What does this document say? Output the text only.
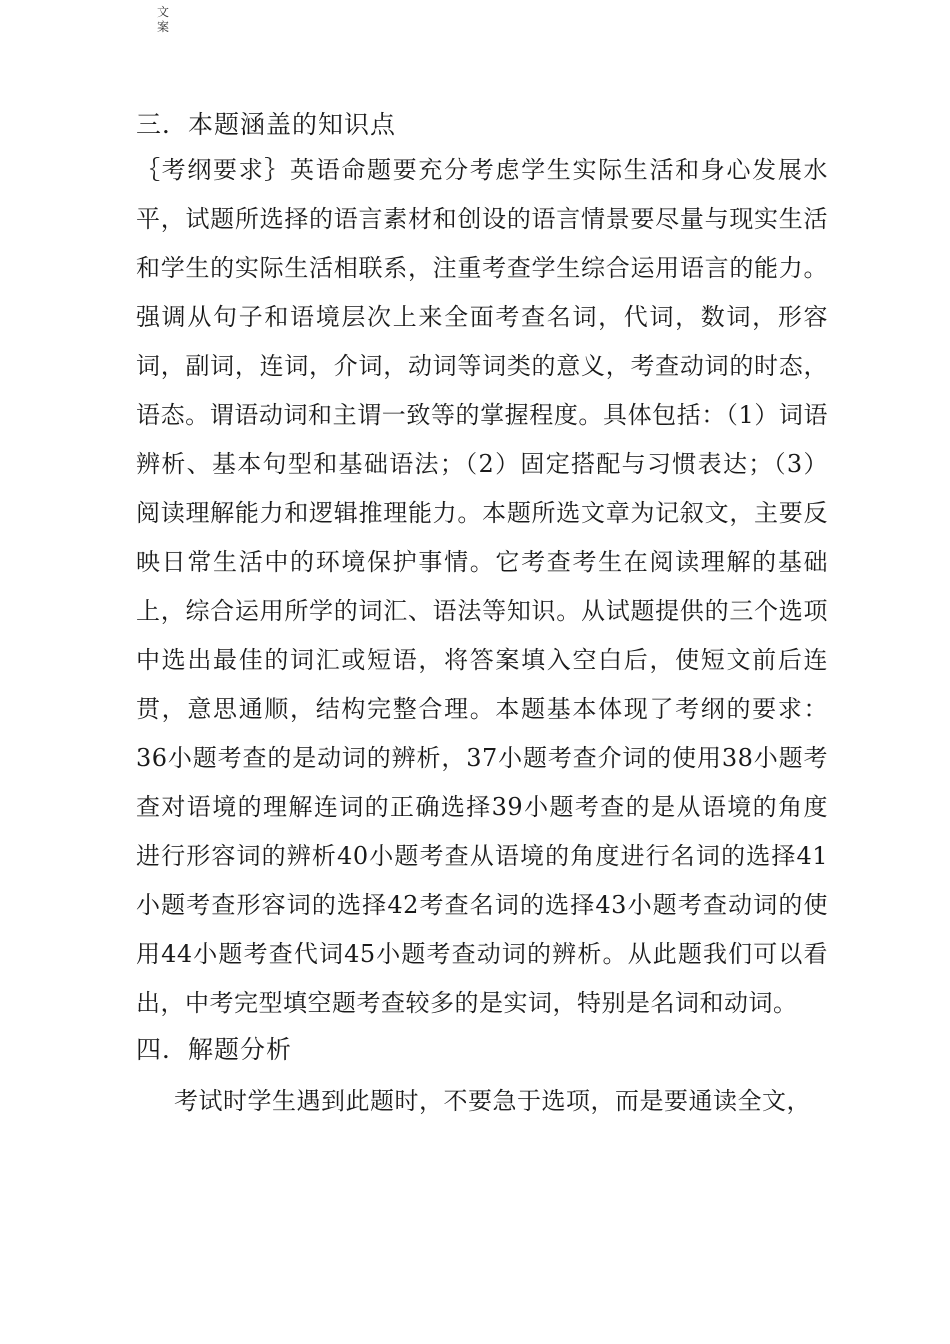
文案
三．本题涵盖的知识点

｛考纲要求｝英语命题要充分考虑学生实际生活和身心发展水平，试题所选择的语言素材和创设的语言情景要尽量与现实生活和学生的实际生活相联系，注重考查学生综合运用语言的能力。强调从句子和语境层次上来全面考查名词，代词，数词，形容词，副词，连词，介词，动词等词类的意义，考查动词的时态，语态。谓语动词和主谓一致等的掌握程度。具体包括：（1）词语辨析、基本句型和基础语法；（2）固定搭配与习惯表达；（3）阅读理解能力和逻辑推理能力。本题所选文章为记叙文，主要反映日常生活中的环境保护事情。它考查考生在阅读理解的基础上，综合运用所学的词汇、语法等知识。从试题提供的三个选项中选出最佳的词汇或短语，将答案填入空白后，使短文前后连贯，意思通顺，结构完整合理。本题基本体现了考纲的要求：36小题考查的是动词的辨析，37小题考查介词的使用38小题考查对语境的理解连词的正确选择39小题考查的是从语境的角度进行形容词的辨析40小题考查从语境的角度进行名词的选择41小题考查形容词的选择42考查名词的选择43小题考查动词的使用44小题考查代词45小题考查动词的辨析。从此题我们可以看出，中考完型填空题考查较多的是实词，特别是名词和动词。

四．解题分析

考试时学生遇到此题时，不要急于选项，而是要通读全文，
